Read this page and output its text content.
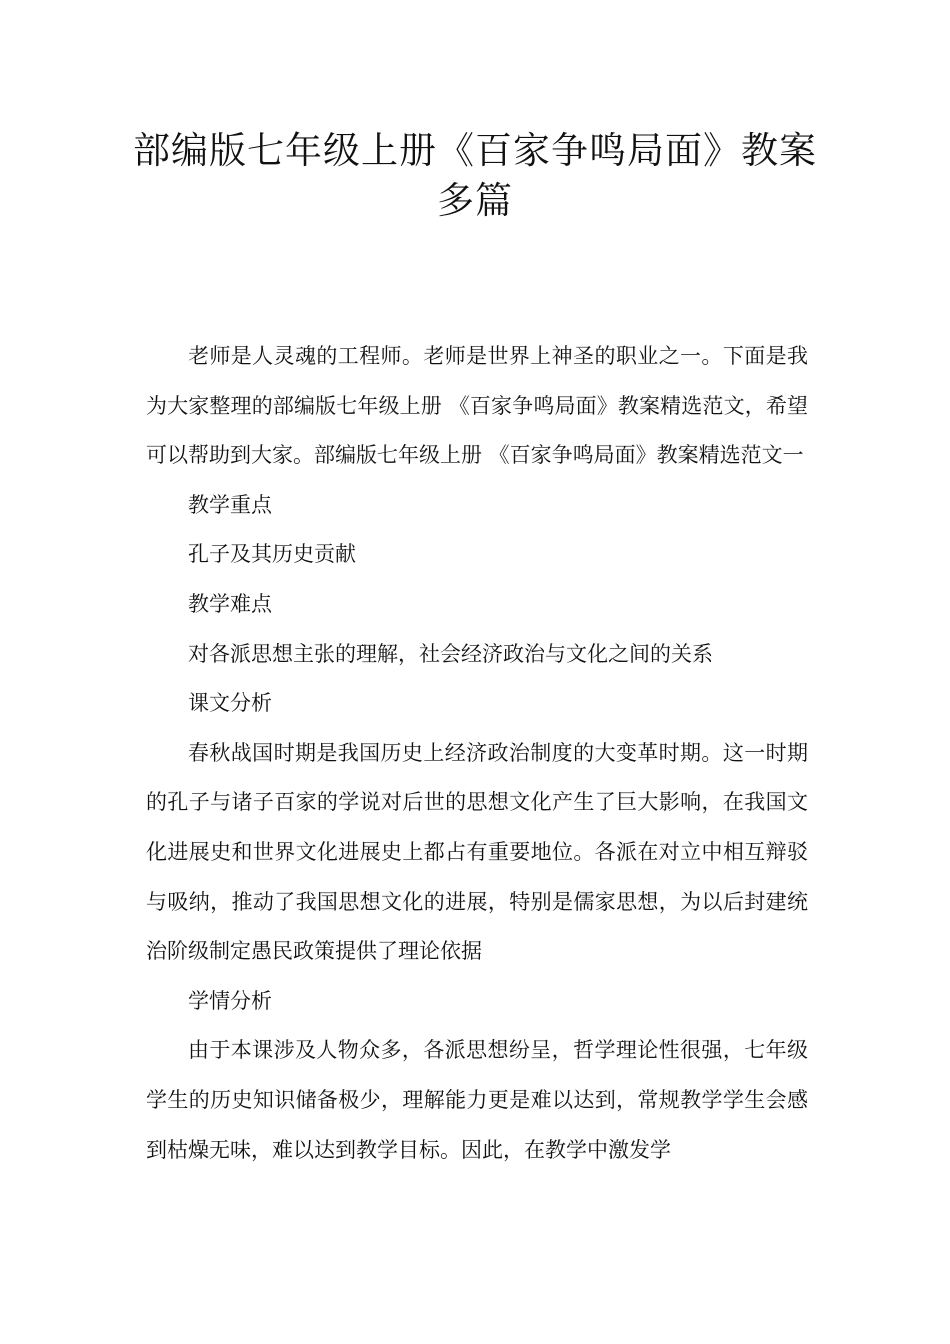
部编版七年级上册《百家争鸣局面》教案多篇

老师是人灵魂的工程师。老师是世界上神圣的职业之一。下面是我为大家整理的部编版七年级上册 《百家争鸣局面》教案精选范文，希望可以帮助到大家。部编版七年级上册 《百家争鸣局面》教案精选范文一

教学重点

孔子及其历史贡献

教学难点

对各派思想主张的理解，社会经济政治与文化之间的关系

课文分析

春秋战国时期是我国历史上经济政治制度的大变革时期。这一时期的孔子与诸子百家的学说对后世的思想文化产生了巨大影响，在我国文化进展史和世界文化进展史上都占有重要地位。各派在对立中相互辩驳与吸纳，推动了我国思想文化的进展，特别是儒家思想，为以后封建统治阶级制定愚民政策提供了理论依据

学情分析

由于本课涉及人物众多，各派思想纷呈，哲学理论性很强，七年级学生的历史知识储备极少，理解能力更是难以达到，常规教学学生会感到枯燥无味，难以达到教学目标。因此，在教学中激发学
